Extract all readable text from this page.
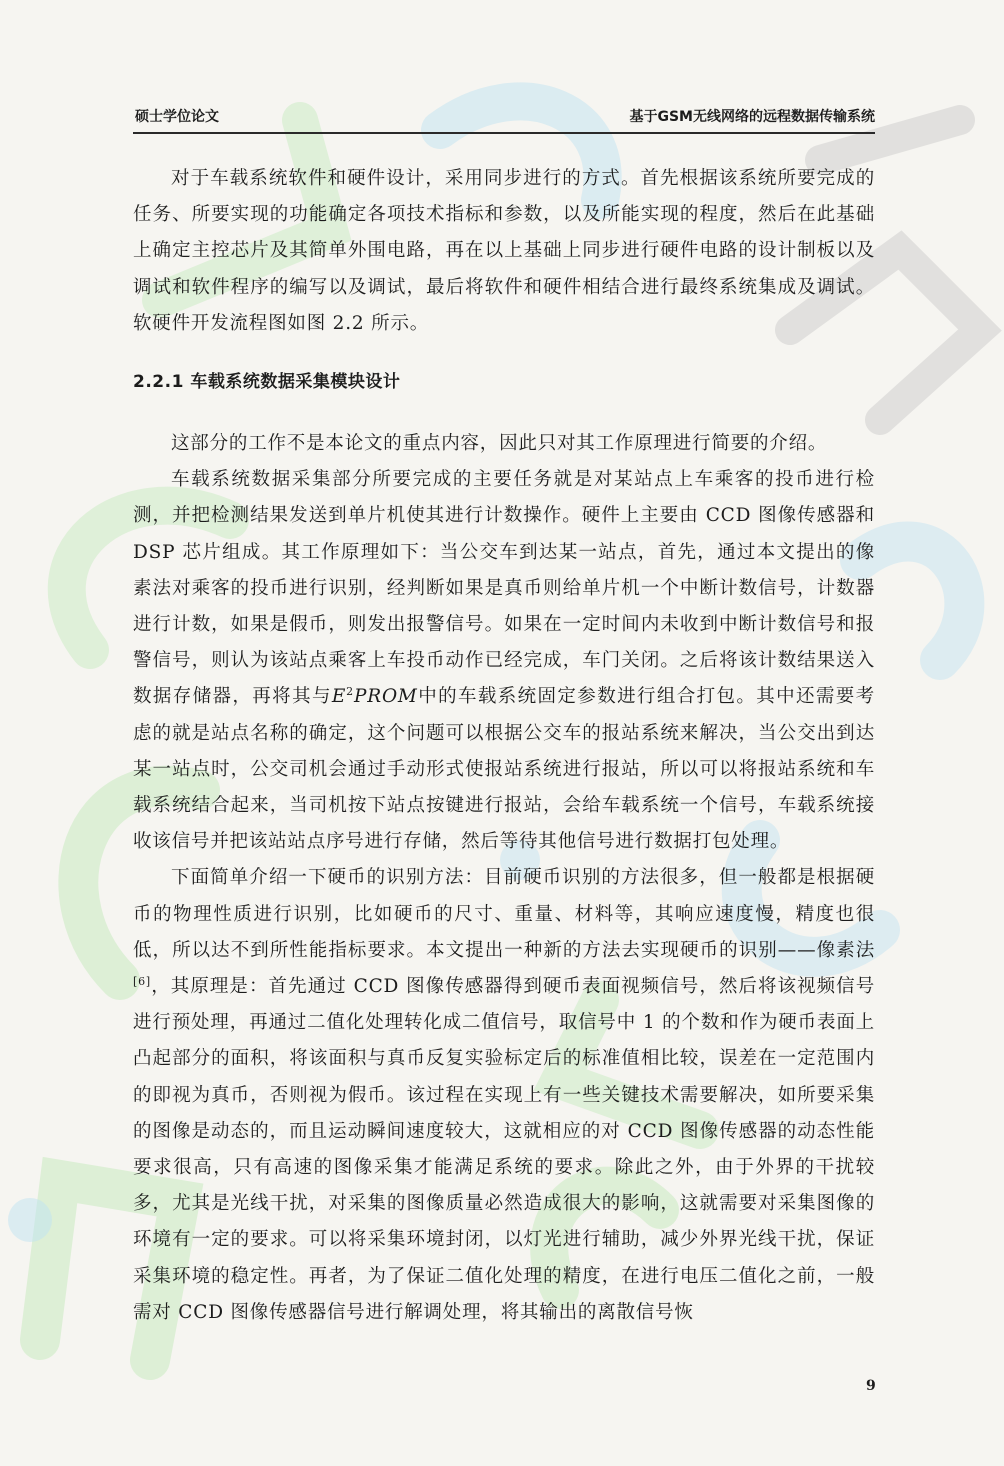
硕士学位论文	基于GSM无线网络的远程数据传输系统

对于车载系统软件和硬件设计，采用同步进行的方式。首先根据该系统所要完成的任务、所要实现的功能确定各项技术指标和参数，以及所能实现的程度，然后在此基础上确定主控芯片及其简单外围电路，再在以上基础上同步进行硬件电路的设计制板以及调试和软件程序的编写以及调试，最后将软件和硬件相结合进行最终系统集成及调试。软硬件开发流程图如图 2.2 所示。

2.2.1 车载系统数据采集模块设计

这部分的工作不是本论文的重点内容，因此只对其工作原理进行简要的介绍。

车载系统数据采集部分所要完成的主要任务就是对某站点上车乘客的投币进行检测，并把检测结果发送到单片机使其进行计数操作。硬件上主要由 CCD 图像传感器和 DSP 芯片组成。其工作原理如下：当公交车到达某一站点，首先，通过本文提出的像素法对乘客的投币进行识别，经判断如果是真币则给单片机一个中断计数信号，计数器进行计数，如果是假币，则发出报警信号。如果在一定时间内未收到中断计数信号和报警信号，则认为该站点乘客上车投币动作已经完成，车门关闭。之后将该计数结果送入数据存储器，再将其与$E^2PROM$中的车载系统固定参数进行组合打包。其中还需要考虑的就是站点名称的确定，这个问题可以根据公交车的报站系统来解决，当公交出到达某一站点时，公交司机会通过手动形式使报站系统进行报站，所以可以将报站系统和车载系统结合起来，当司机按下站点按键进行报站，会给车载系统一个信号，车载系统接收该信号并把该站站点序号进行存储，然后等待其他信号进行数据打包处理。

下面简单介绍一下硬币的识别方法：目前硬币识别的方法很多，但一般都是根据硬币的物理性质进行识别，比如硬币的尺寸、重量、材料等，其响应速度慢，精度也很低，所以达不到所性能指标要求。本文提出一种新的方法去实现硬币的识别——像素法[6]，其原理是：首先通过 CCD 图像传感器得到硬币表面视频信号，然后将该视频信号进行预处理，再通过二值化处理转化成二值信号，取信号中 1 的个数和作为硬币表面上凸起部分的面积，将该面积与真币反复实验标定后的标准值相比较，误差在一定范围内的即视为真币，否则视为假币。该过程在实现上有一些关键技术需要解决，如所要采集的图像是动态的，而且运动瞬间速度较大，这就相应的对 CCD 图像传感器的动态性能要求很高，只有高速的图像采集才能满足系统的要求。除此之外，由于外界的干扰较多，尤其是光线干扰，对采集的图像质量必然造成很大的影响，这就需要对采集图像的环境有一定的要求。可以将采集环境封闭，以灯光进行辅助，减少外界光线干扰，保证采集环境的稳定性。再者，为了保证二值化处理的精度，在进行电压二值化之前，一般需对 CCD 图像传感器信号进行解调处理，将其输出的离散信号恢

9
